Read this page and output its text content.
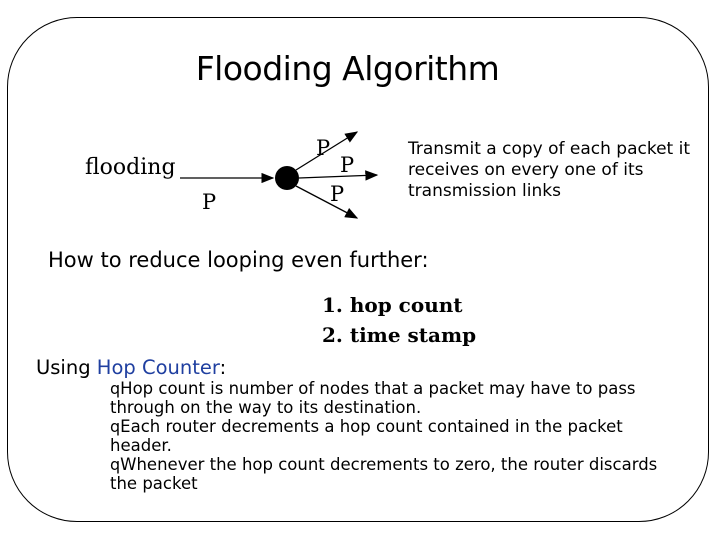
Flooding Algorithm
flooding
P
P
P
P
Transmit a copy of each packet it receives on every one of its transmission links
How to reduce looping even further:
1. hop count
2. time stamp
Using Hop Counter:
qHop count is number of nodes that a packet may have to pass through on the way to its destination.
qEach router decrements a hop count contained in the packet header.
qWhenever the hop count decrements to zero, the router discards the packet
